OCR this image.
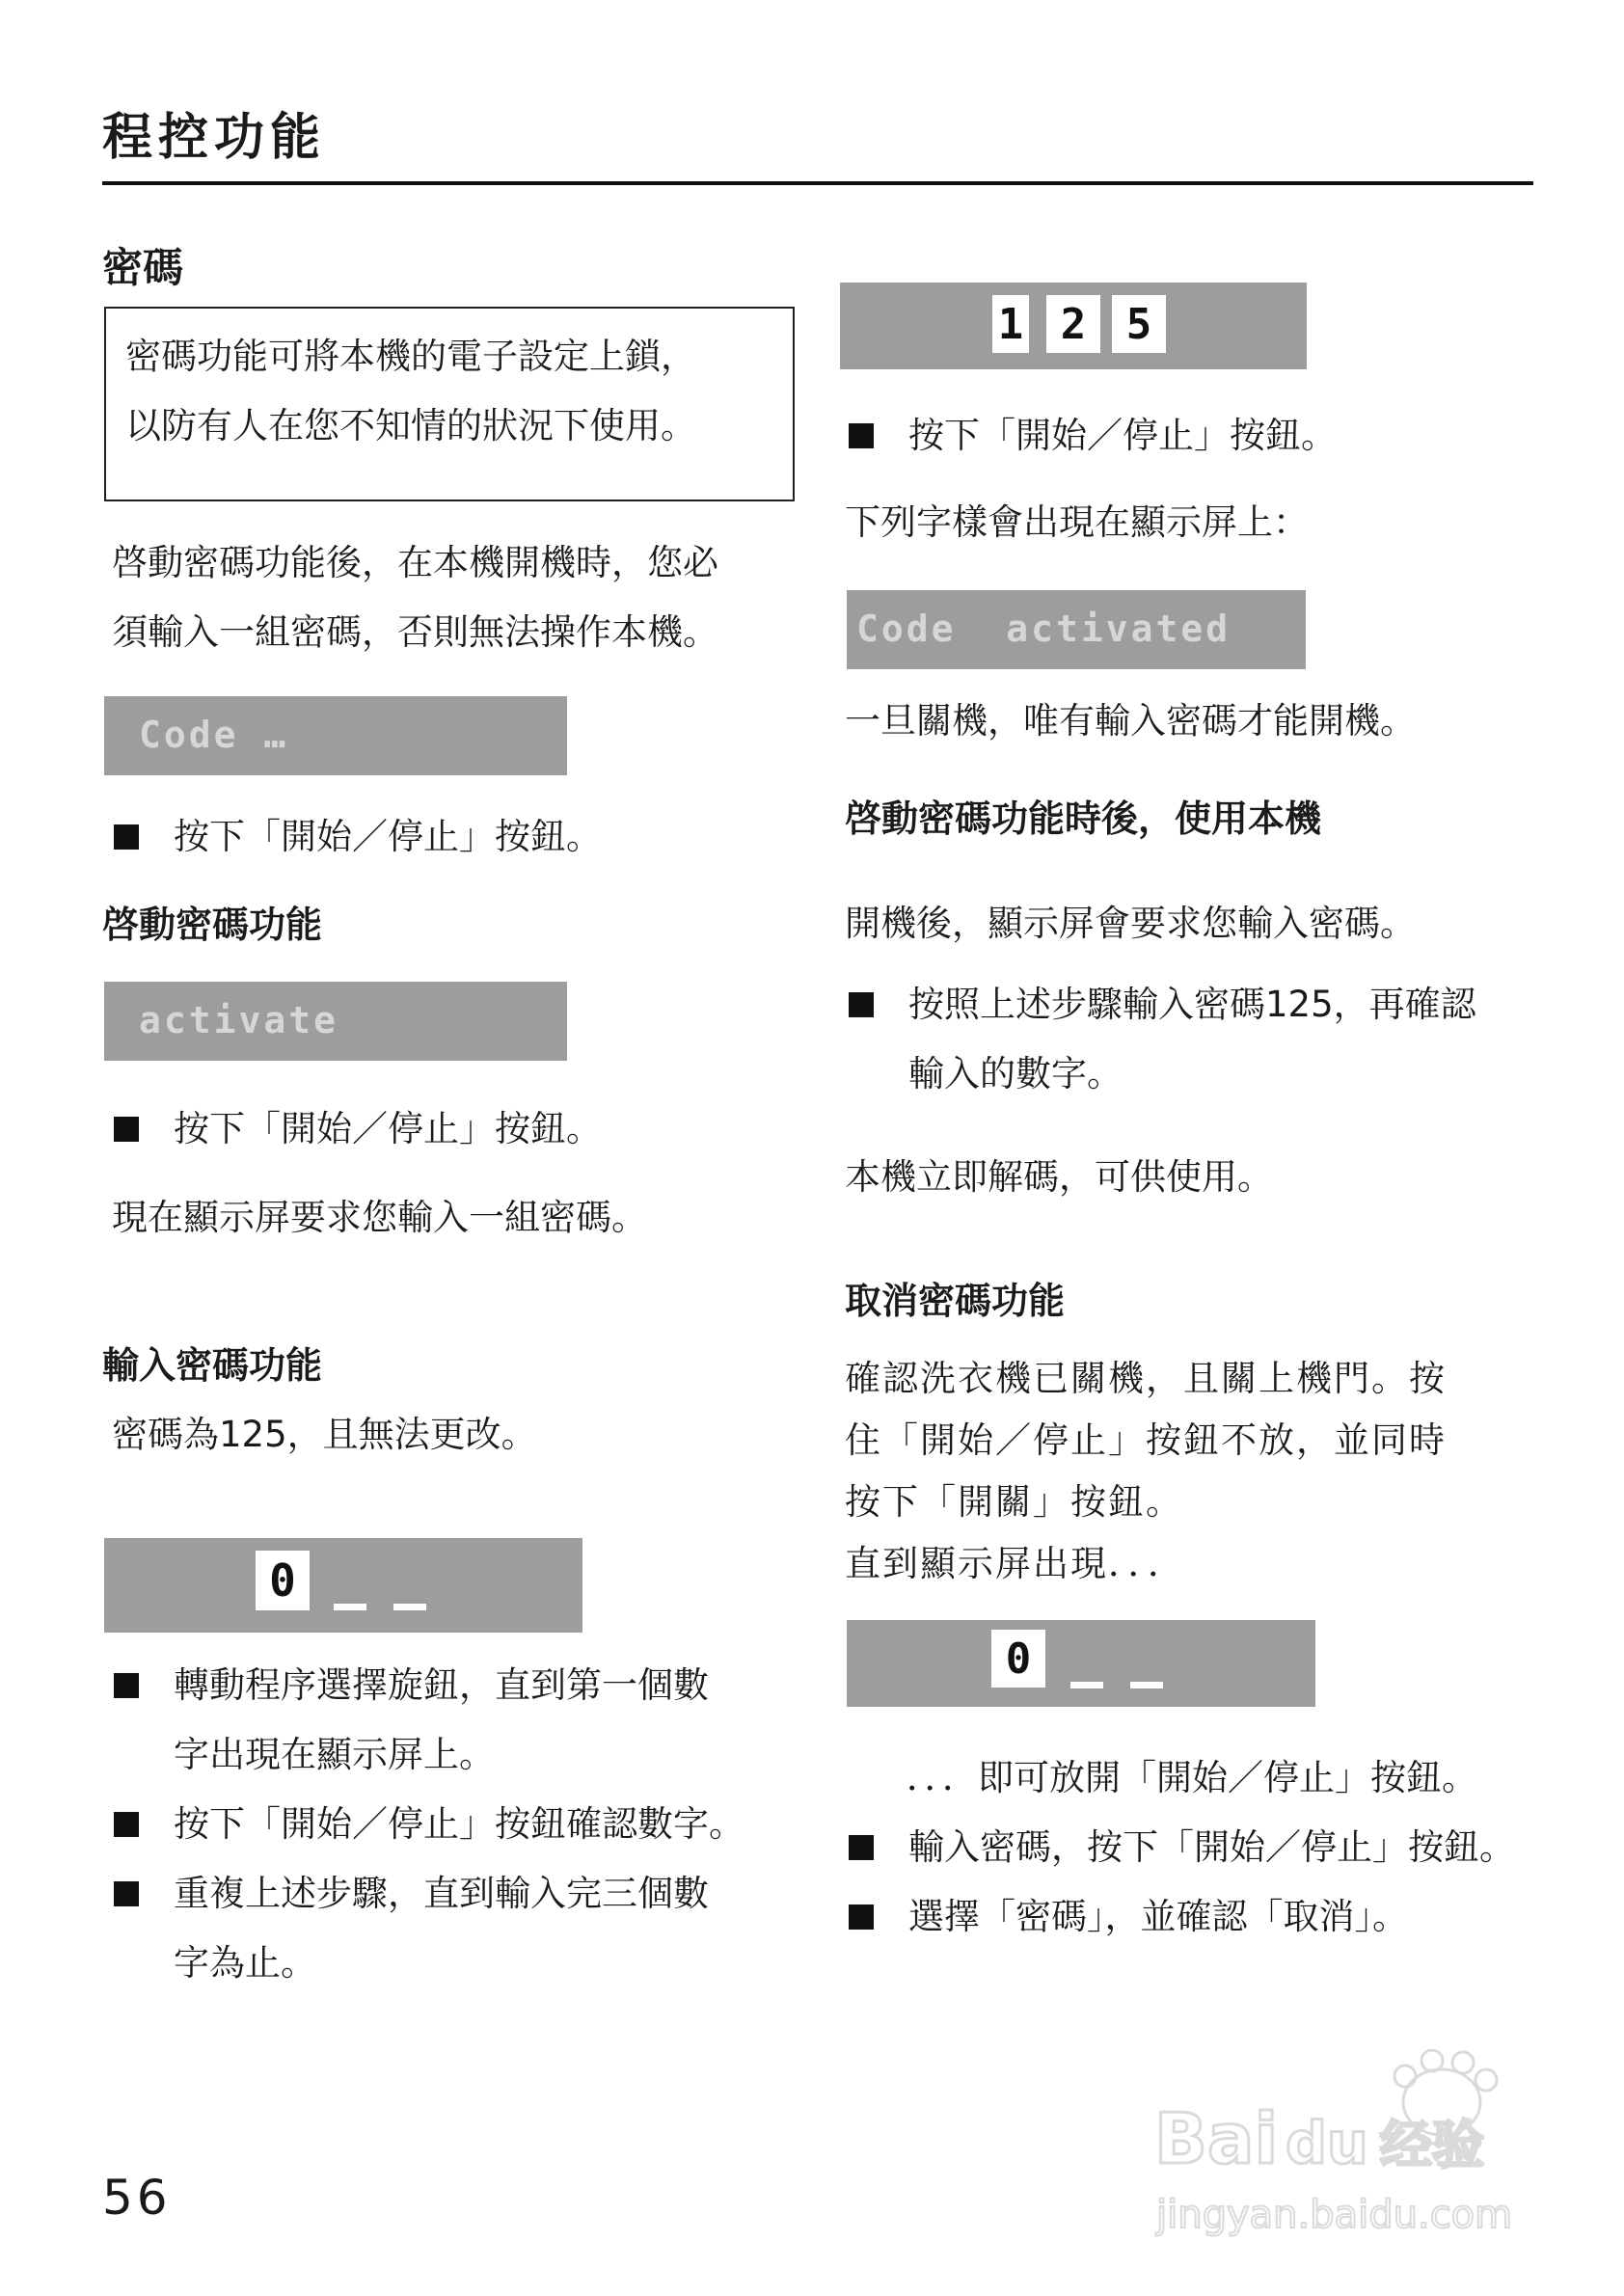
程控功能
密碼
密碼功能可將本機的電子設定上鎖，
以防有人在您不知情的狀況下使用。
啓動密碼功能後，在本機開機時，您必
須輸入一組密碼，否則無法操作本機。
Code …
按下「開始／停止」按鈕。
啓動密碼功能
activate
按下「開始／停止」按鈕。
現在顯示屏要求您輸入一組密碼。
輸入密碼功能
密碼為125，且無法更改。
0
轉動程序選擇旋鈕，直到第一個數
字出現在顯示屏上。
按下「開始／停止」按鈕確認數字。
重複上述步驟，直到輸入完三個數
字為止。
1 2 5
按下「開始／停止」按鈕。
下列字樣會出現在顯示屏上：
Code  activated
一旦關機，唯有輸入密碼才能開機。
啓動密碼功能時後，使用本機
開機後，顯示屏會要求您輸入密碼。
按照上述步驟輸入密碼125，再確認
輸入的數字。
本機立即解碼，可供使用。
取消密碼功能
確認洗衣機已關機，且關上機門。按
住「開始／停止」按鈕不放，並同時
按下「開關」按鈕。
直到顯示屏出現．．．
0
．．．即可放開「開始／停止」按鈕。
輸入密碼，按下「開始／停止」按鈕。
選擇「密碼」，並確認「取消」。
56
Bai du 经验
jingyan.baidu.com
